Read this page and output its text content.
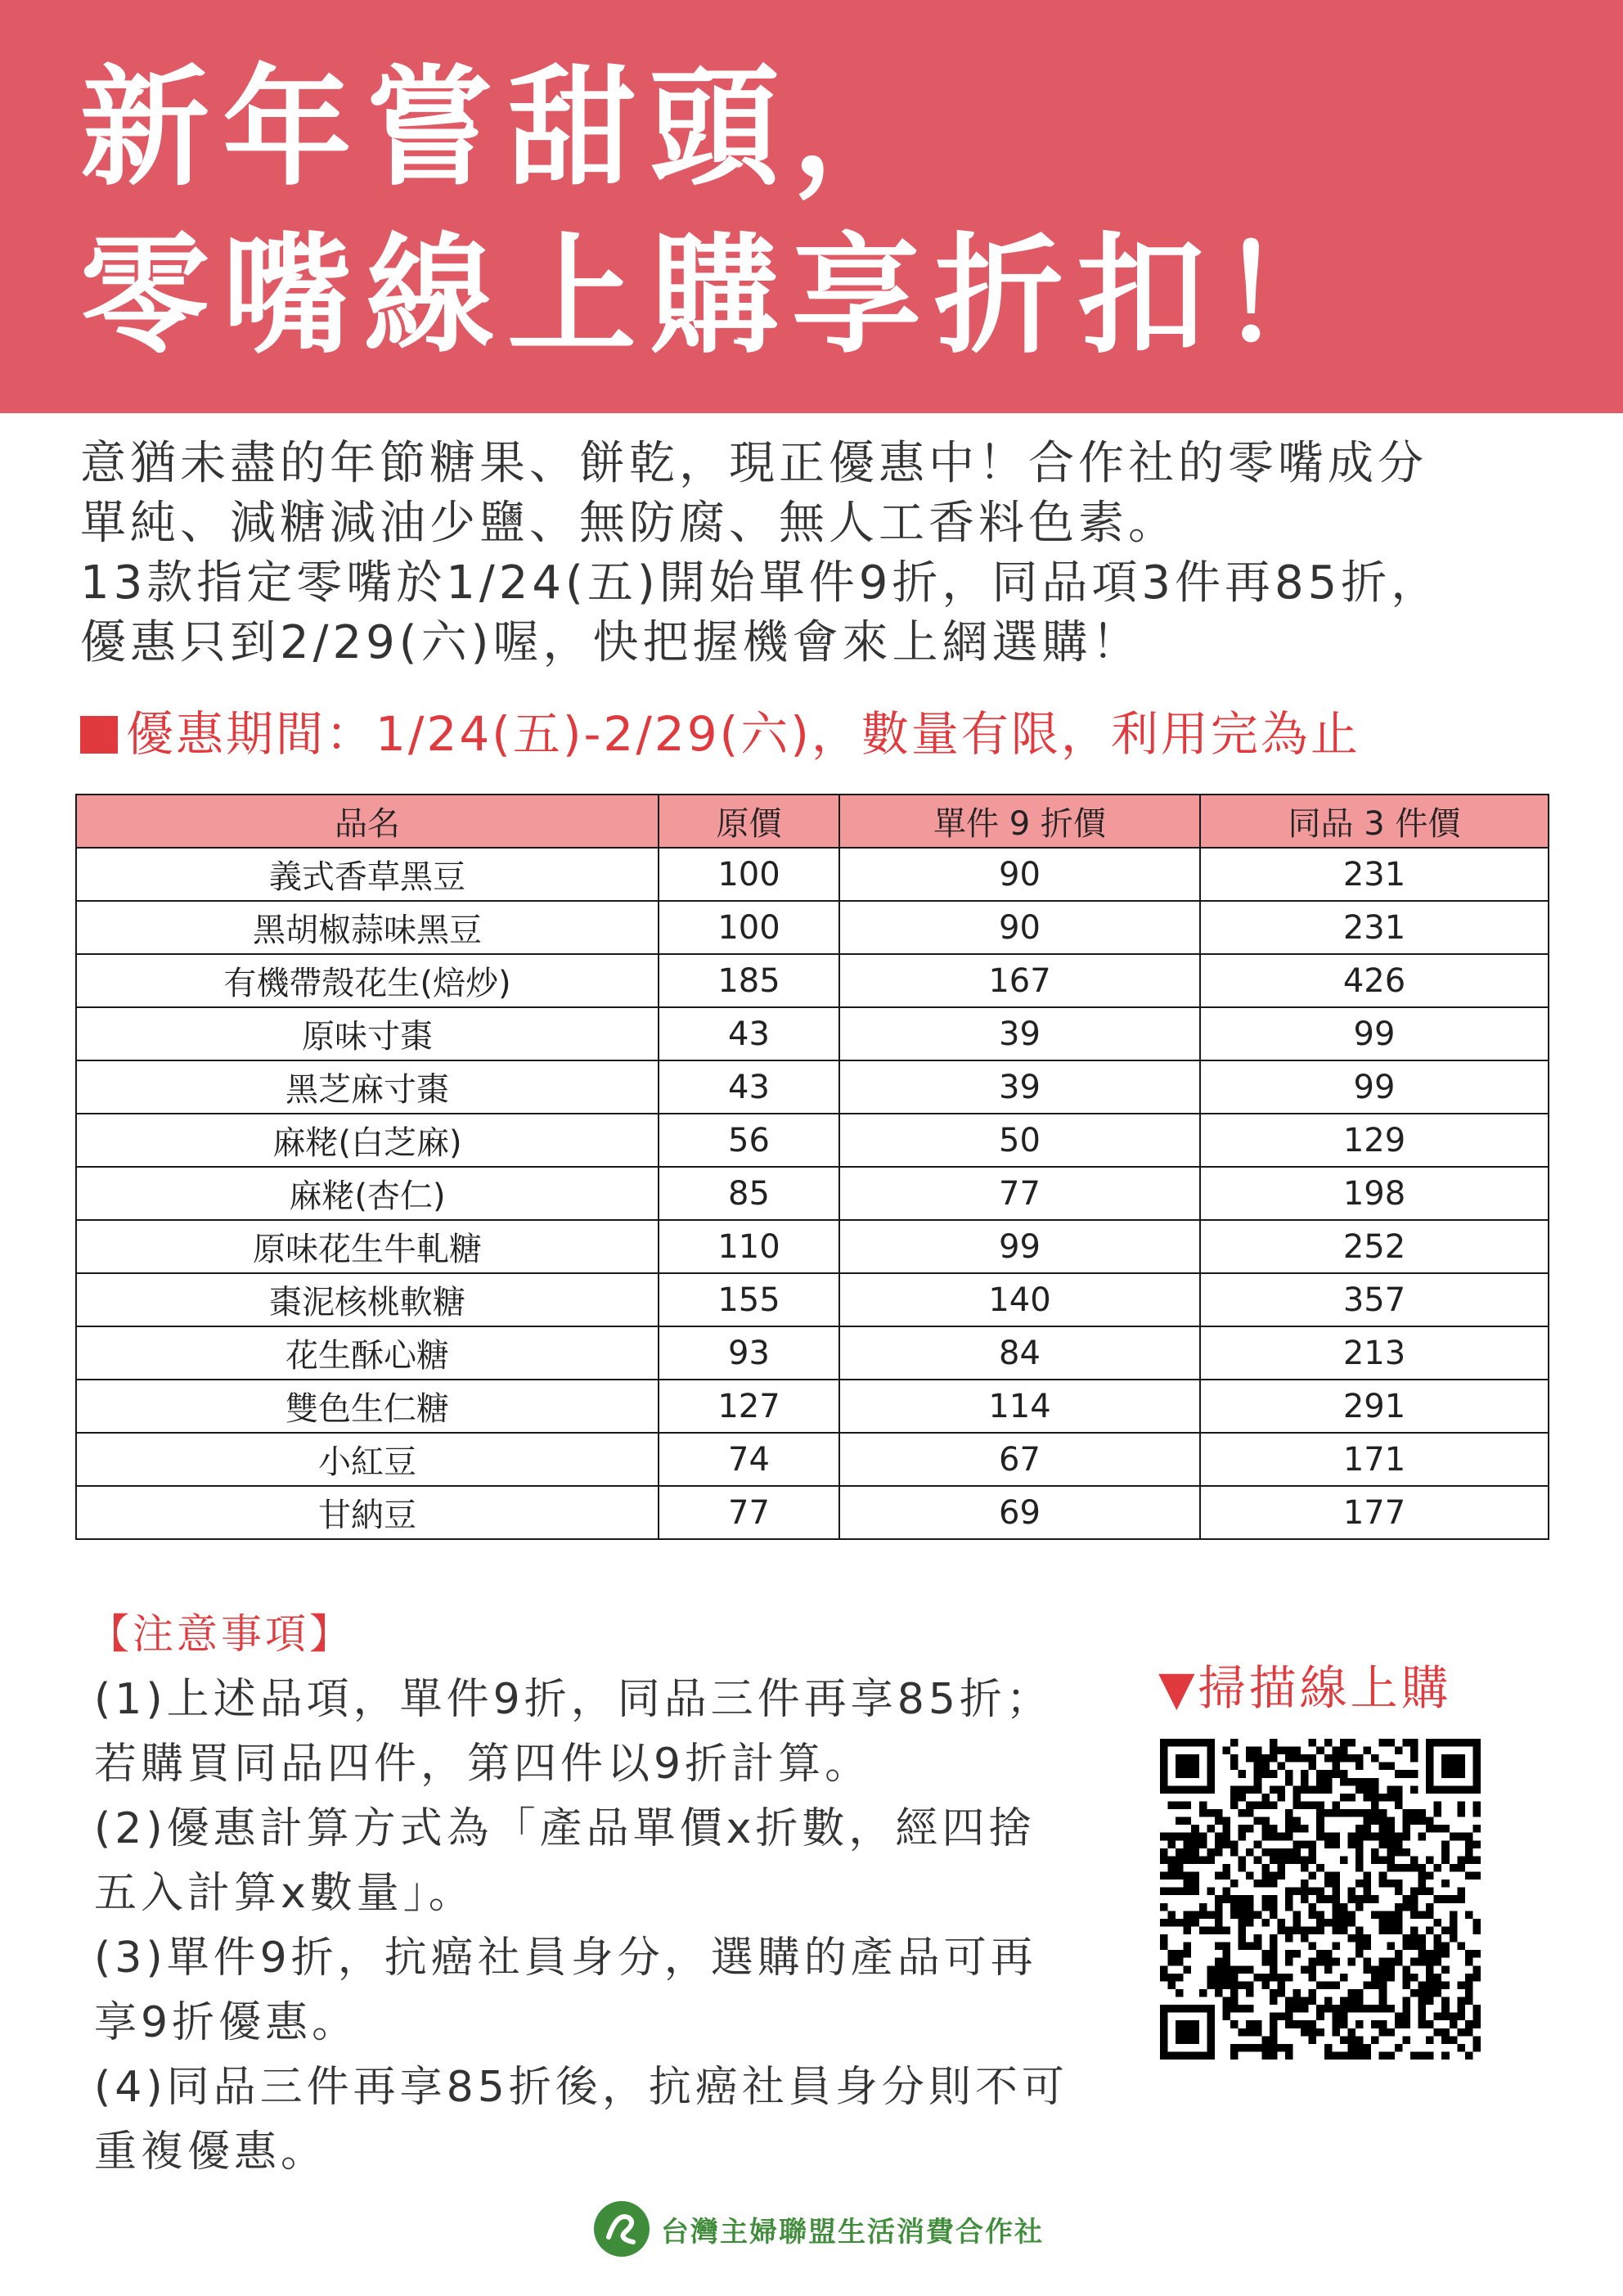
新年嘗甜頭，
零嘴線上購享折扣！
意猶未盡的年節糖果、餅乾，現正優惠中！合作社的零嘴成分
單純、減糖減油少鹽、無防腐、無人工香料色素。
13款指定零嘴於1/24(五)開始單件9折，同品項3件再85折，
優惠只到2/29(六)喔，快把握機會來上網選購！
優惠期間：1/24(五)-2/29(六)，數量有限，利用完為止
品名	原價	單件 9 折價	同品 3 件價
義式香草黑豆	100	90	231
黑胡椒蒜味黑豆	100	90	231
有機帶殼花生(焙炒)	185	167	426
原味寸棗	43	39	99
黑芝麻寸棗	43	39	99
麻粩(白芝麻)	56	50	129
麻粩(杏仁)	85	77	198
原味花生牛軋糖	110	99	252
棗泥核桃軟糖	155	140	357
花生酥心糖	93	84	213
雙色生仁糖	127	114	291
小紅豆	74	67	171
甘納豆	77	69	177
【注意事項】
(1)上述品項，單件9折，同品三件再享85折；
若購買同品四件，第四件以9折計算。
(2)優惠計算方式為「產品單價x折數，經四捨
五入計算x數量」。
(3)單件9折，抗癌社員身分，選購的產品可再
享9折優惠。
(4)同品三件再享85折後，抗癌社員身分則不可
重複優惠。
▼掃描線上購
台灣主婦聯盟生活消費合作社
